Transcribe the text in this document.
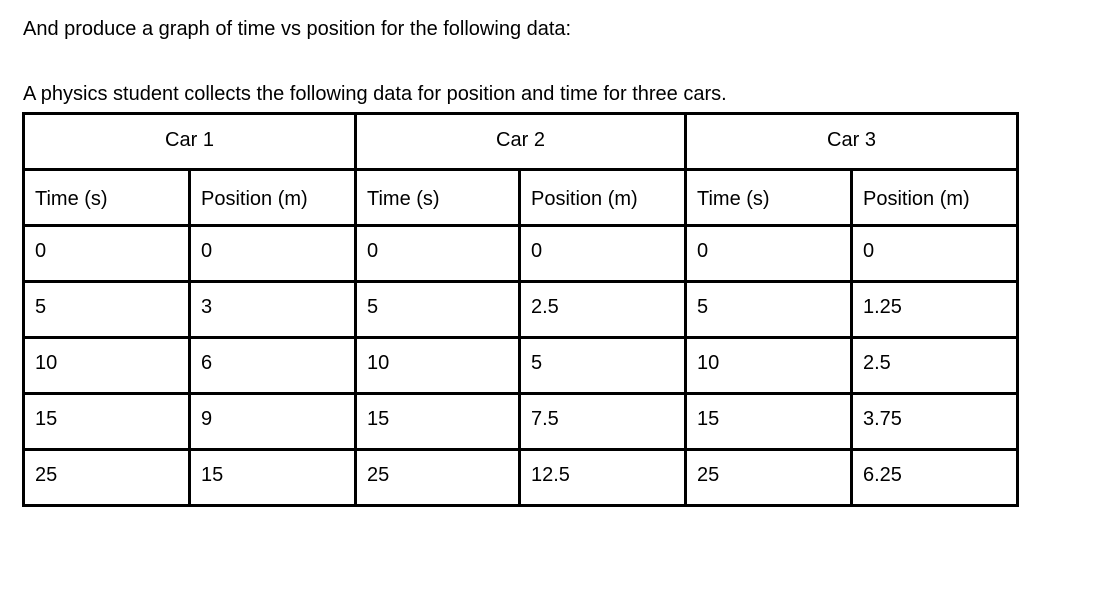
And produce a graph of time vs position for the following data:
A physics student collects the following data for position and time for three cars.
Car 1		Car 2		Car 3	
Time (s)	Position (m)	Time (s)	Position (m)	Time (s)	Position (m)
0	0	0	0	0	0
5	3	5	2.5	5	1.25
10	6	10	5	10	2.5
15	9	15	7.5	15	3.75
25	15	25	12.5	25	6.25
